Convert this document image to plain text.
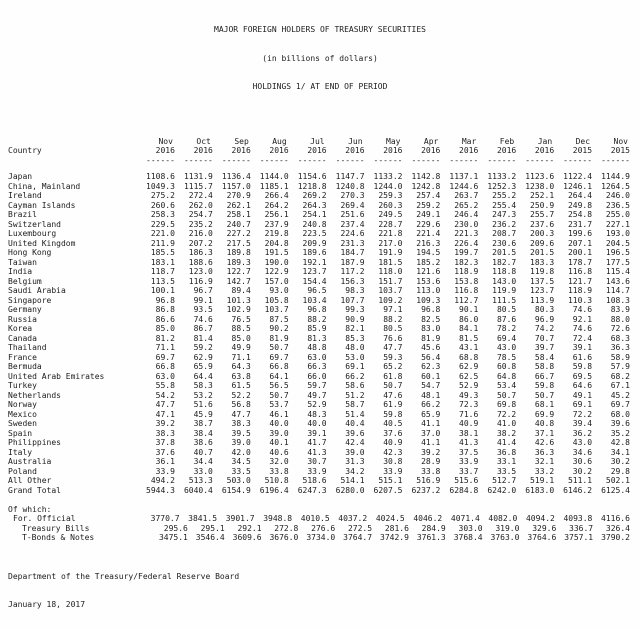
MAJOR FOREIGN HOLDERS OF TREASURY SECURITIES

(in billions of dollars)

HOLDINGS 1/ AT END OF PERIOD

Nov	Oct	Sep	Aug	Jul	Jun	May	Apr	Mar	Feb	Jan	Dec	Nov
Country	2016	2016	2016	2016	2016	2016	2016	2016	2016	2016	2016	2015	2015
------	------	------	------	------	------	------	------	------	------	------	------	------
Japan	1108.6	1131.9	1136.4	1144.0	1154.6	1147.7	1133.2	1142.8	1137.1	1133.2	1123.6	1122.4	1144.9
China, Mainland	1049.3	1115.7	1157.0	1185.1	1218.8	1240.8	1244.0	1242.8	1244.6	1252.3	1238.0	1246.1	1264.5
Ireland	275.2	272.4	270.9	266.4	269.2	270.3	259.3	257.4	263.7	255.2	252.1	264.4	246.0
Cayman Islands	260.6	262.0	262.1	264.2	264.3	269.4	260.3	259.2	265.2	255.4	250.9	249.8	236.5
Brazil	258.3	254.7	258.1	256.1	254.1	251.6	249.5	249.1	246.4	247.3	255.7	254.8	255.0
Switzerland	229.5	235.2	240.7	237.9	240.8	237.4	228.7	229.6	230.0	236.2	237.6	231.7	227.1
Luxembourg	221.0	216.0	227.2	219.8	223.5	224.6	221.8	221.4	221.3	208.7	200.3	199.6	193.0
United Kingdom	211.9	207.2	217.5	204.8	209.9	231.3	217.0	216.3	226.4	230.6	209.6	207.1	204.5
Hong Kong	185.5	186.3	189.8	191.5	189.6	184.7	191.9	194.5	199.7	201.5	201.5	200.1	196.5
Taiwan	183.1	188.6	189.3	190.0	192.1	187.9	181.5	185.2	182.3	182.7	183.3	178.7	177.5
India	118.7	123.0	122.7	122.9	123.7	117.2	118.0	121.6	118.9	118.8	119.8	116.8	115.4
Belgium	113.5	116.9	142.7	157.0	154.4	156.3	151.7	153.6	153.8	143.0	137.5	121.7	143.6
Saudi Arabia	100.1	96.7	89.4	93.0	96.5	98.3	103.7	113.0	116.8	119.9	123.7	118.9	114.7
Singapore	96.8	99.1	101.3	105.8	103.4	107.7	109.2	109.3	112.7	111.5	113.9	110.3	108.3
Germany	86.8	93.5	102.9	103.7	96.8	99.3	97.1	96.8	90.1	80.5	80.3	74.6	83.9
Russia	86.6	74.6	76.5	87.5	88.2	90.9	88.2	82.5	86.0	87.6	96.9	92.1	88.0
Korea	85.0	86.7	88.5	90.2	85.9	82.1	80.5	83.0	84.1	78.2	74.2	74.6	72.6
Canada	81.2	81.4	85.0	81.9	81.3	85.3	76.6	81.9	81.5	69.4	70.7	72.4	68.3
Thailand	71.1	59.2	49.9	50.7	48.8	48.0	47.7	45.6	43.1	43.0	39.7	39.1	36.3
France	69.7	62.9	71.1	69.7	63.0	53.0	59.3	56.4	68.8	78.5	58.4	61.6	58.9
Bermuda	66.8	65.9	64.3	66.8	66.3	69.1	65.2	62.3	62.9	60.8	58.8	59.8	57.9
United Arab Emirates	63.0	64.4	63.8	64.1	66.0	66.2	61.8	60.1	62.5	64.8	66.7	69.5	68.2
Turkey	55.8	58.3	61.5	56.5	59.7	58.6	50.7	54.7	52.9	53.4	59.8	64.6	67.1
Netherlands	54.2	53.2	52.2	50.7	49.7	51.2	47.6	48.1	49.3	50.7	50.7	49.1	45.2
Norway	47.7	51.6	56.8	53.7	52.9	58.7	61.9	66.2	72.3	69.8	68.1	69.1	69.7
Mexico	47.1	45.9	47.7	46.1	48.3	51.4	59.8	65.9	71.6	72.2	69.9	72.2	68.0
Sweden	39.2	38.7	38.3	40.0	40.0	40.4	40.5	41.1	40.9	41.0	40.8	39.4	39.6
Spain	38.3	38.4	39.5	39.0	39.1	39.6	37.6	37.0	38.1	38.2	37.1	36.2	35.2
Philippines	37.8	38.6	39.0	40.1	41.7	42.4	40.9	41.1	41.3	41.4	42.6	43.0	42.8
Italy	37.6	40.7	42.0	40.6	41.3	39.0	42.3	39.2	37.5	36.8	36.3	34.6	34.1
Australia	36.1	34.4	34.5	32.0	30.7	31.3	30.8	28.9	33.9	33.1	32.1	30.6	30.2
Poland	33.9	33.0	33.5	33.8	33.9	34.2	33.9	33.8	33.7	33.5	33.2	30.2	29.8
All Other	494.2	513.3	503.0	510.8	518.6	514.1	515.1	516.9	515.6	512.7	519.1	511.1	502.1
Grand Total	5944.3	6040.4	6154.9	6196.4	6247.3	6280.0	6207.5	6237.2	6284.8	6242.0	6183.0	6146.2	6125.4
Of which:
For. Official	3770.7	3841.5	3901.7	3948.8	4010.5	4037.2	4024.5	4046.2	4071.4	4082.0	4094.2	4093.8	4116.6
Treasury Bills	295.6	295.1	292.1	272.8	276.6	272.5	281.6	284.9	303.0	319.0	329.6	336.7	326.4
T-Bonds & Notes	3475.1 3546.4 3609.6 3676.0 3734.0 3764.7 3742.9 3761.3 3768.4 3763.0 3764.6 3757.1 3790.2

Department of the Treasury/Federal Reserve Board

January 18, 2017
